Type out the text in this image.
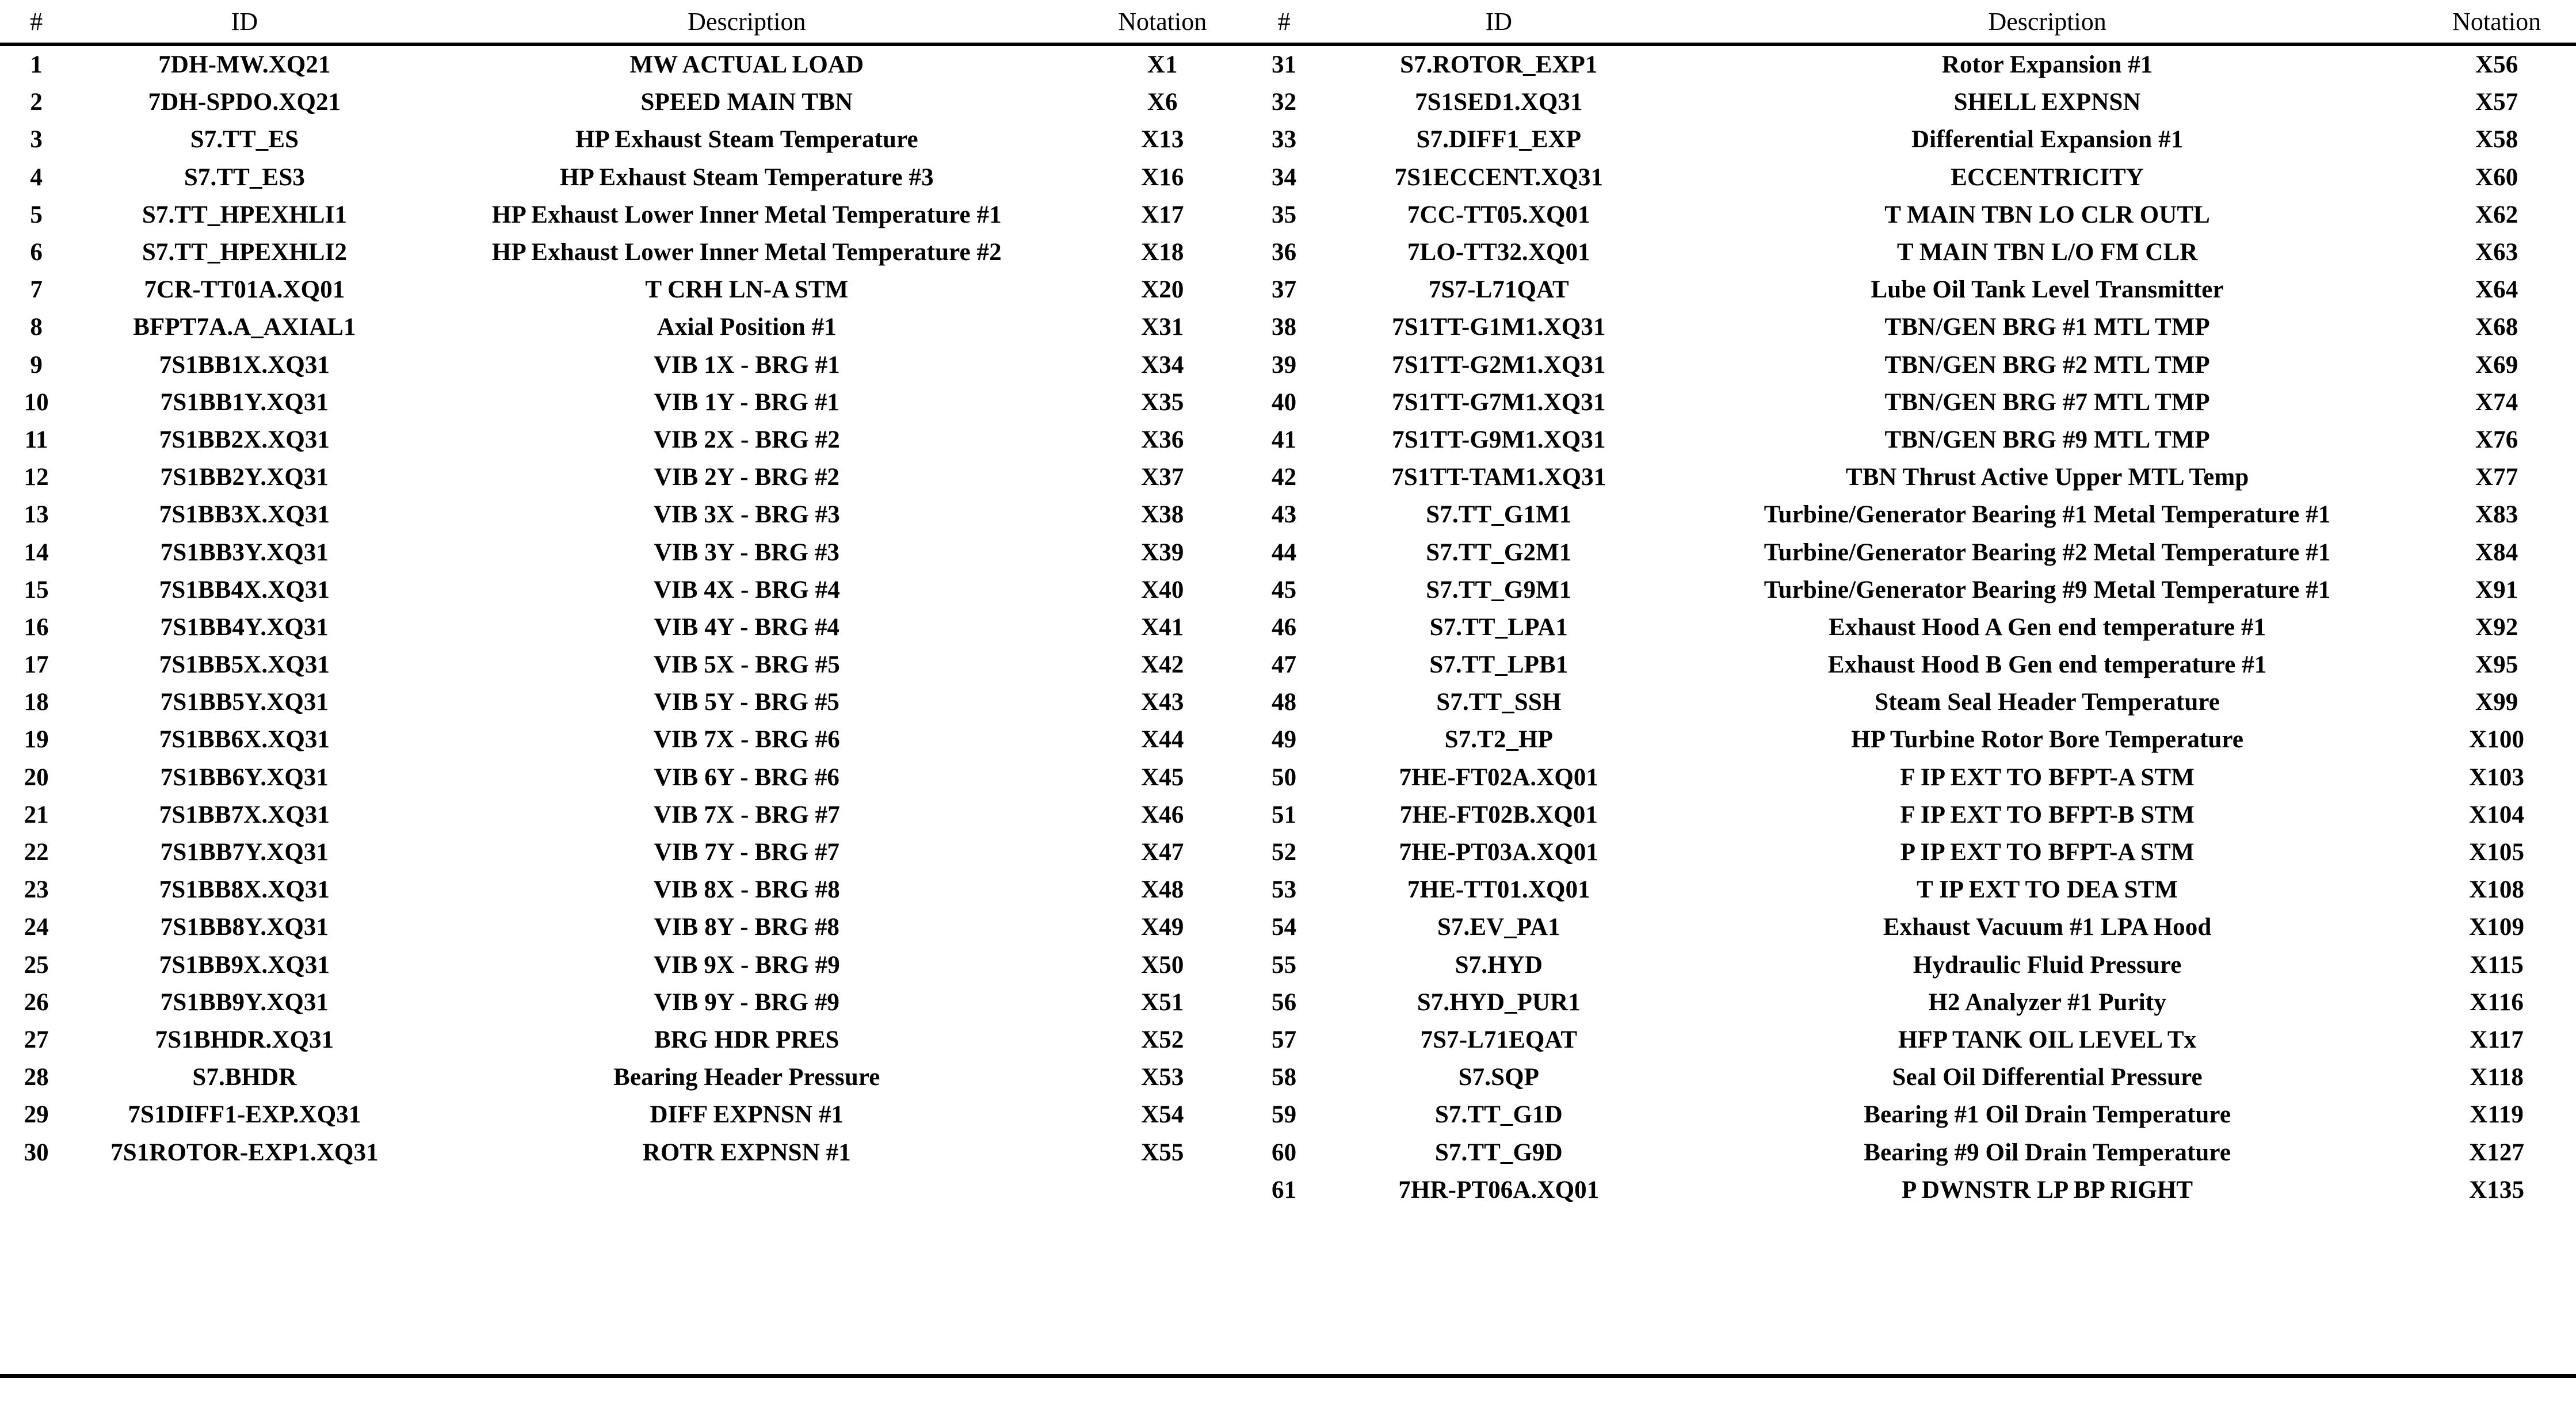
#	ID	Description	Notation	#	ID	Description	Notation
1	7DH-MW.XQ21	MW ACTUAL LOAD	X1	31	S7.ROTOR_EXP1	Rotor Expansion #1	X56
2	7DH-SPDO.XQ21	SPEED MAIN TBN	X6	32	7S1SED1.XQ31	SHELL EXPNSN	X57
3	S7.TT_ES	HP Exhaust Steam Temperature	X13	33	S7.DIFF1_EXP	Differential Expansion #1	X58
4	S7.TT_ES3	HP Exhaust Steam Temperature #3	X16	34	7S1ECCENT.XQ31	ECCENTRICITY	X60
5	S7.TT_HPEXHLI1	HP Exhaust Lower Inner Metal Temperature #1	X17	35	7CC-TT05.XQ01	T MAIN TBN LO CLR OUTL	X62
6	S7.TT_HPEXHLI2	HP Exhaust Lower Inner Metal Temperature #2	X18	36	7LO-TT32.XQ01	T MAIN TBN L/O FM CLR	X63
7	7CR-TT01A.XQ01	T CRH LN-A STM	X20	37	7S7-L71QAT	Lube Oil Tank Level Transmitter	X64
8	BFPT7A.A_AXIAL1	Axial Position #1	X31	38	7S1TT-G1M1.XQ31	TBN/GEN BRG #1 MTL TMP	X68
9	7S1BB1X.XQ31	VIB 1X - BRG #1	X34	39	7S1TT-G2M1.XQ31	TBN/GEN BRG #2 MTL TMP	X69
10	7S1BB1Y.XQ31	VIB 1Y - BRG #1	X35	40	7S1TT-G7M1.XQ31	TBN/GEN BRG #7 MTL TMP	X74
11	7S1BB2X.XQ31	VIB 2X - BRG #2	X36	41	7S1TT-G9M1.XQ31	TBN/GEN BRG #9 MTL TMP	X76
12	7S1BB2Y.XQ31	VIB 2Y - BRG #2	X37	42	7S1TT-TAM1.XQ31	TBN Thrust Active Upper MTL Temp	X77
13	7S1BB3X.XQ31	VIB 3X - BRG #3	X38	43	S7.TT_G1M1	Turbine/Generator Bearing #1 Metal Temperature #1	X83
14	7S1BB3Y.XQ31	VIB 3Y - BRG #3	X39	44	S7.TT_G2M1	Turbine/Generator Bearing #2 Metal Temperature #1	X84
15	7S1BB4X.XQ31	VIB 4X - BRG #4	X40	45	S7.TT_G9M1	Turbine/Generator Bearing #9 Metal Temperature #1	X91
16	7S1BB4Y.XQ31	VIB 4Y - BRG #4	X41	46	S7.TT_LPA1	Exhaust Hood A Gen end temperature #1	X92
17	7S1BB5X.XQ31	VIB 5X - BRG #5	X42	47	S7.TT_LPB1	Exhaust Hood B Gen end temperature #1	X95
18	7S1BB5Y.XQ31	VIB 5Y - BRG #5	X43	48	S7.TT_SSH	Steam Seal Header Temperature	X99
19	7S1BB6X.XQ31	VIB 7X - BRG #6	X44	49	S7.T2_HP	HP Turbine Rotor Bore Temperature	X100
20	7S1BB6Y.XQ31	VIB 6Y - BRG #6	X45	50	7HE-FT02A.XQ01	F IP EXT TO BFPT-A STM	X103
21	7S1BB7X.XQ31	VIB 7X - BRG #7	X46	51	7HE-FT02B.XQ01	F IP EXT TO BFPT-B STM	X104
22	7S1BB7Y.XQ31	VIB 7Y - BRG #7	X47	52	7HE-PT03A.XQ01	P IP EXT TO BFPT-A STM	X105
23	7S1BB8X.XQ31	VIB 8X - BRG #8	X48	53	7HE-TT01.XQ01	T IP EXT TO DEA STM	X108
24	7S1BB8Y.XQ31	VIB 8Y - BRG #8	X49	54	S7.EV_PA1	Exhaust Vacuum #1 LPA Hood	X109
25	7S1BB9X.XQ31	VIB 9X - BRG #9	X50	55	S7.HYD	Hydraulic Fluid Pressure	X115
26	7S1BB9Y.XQ31	VIB 9Y - BRG #9	X51	56	S7.HYD_PUR1	H2 Analyzer #1 Purity	X116
27	7S1BHDR.XQ31	BRG HDR PRES	X52	57	7S7-L71EQAT	HFP TANK OIL LEVEL Tx	X117
28	S7.BHDR	Bearing Header Pressure	X53	58	S7.SQP	Seal Oil Differential Pressure	X118
29	7S1DIFF1-EXP.XQ31	DIFF EXPNSN #1	X54	59	S7.TT_G1D	Bearing #1 Oil Drain Temperature	X119
30	7S1ROTOR-EXP1.XQ31	ROTR EXPNSN #1	X55	60	S7.TT_G9D	Bearing #9 Oil Drain Temperature	X127
				61	7HR-PT06A.XQ01	P DWNSTR LP BP RIGHT	X135
